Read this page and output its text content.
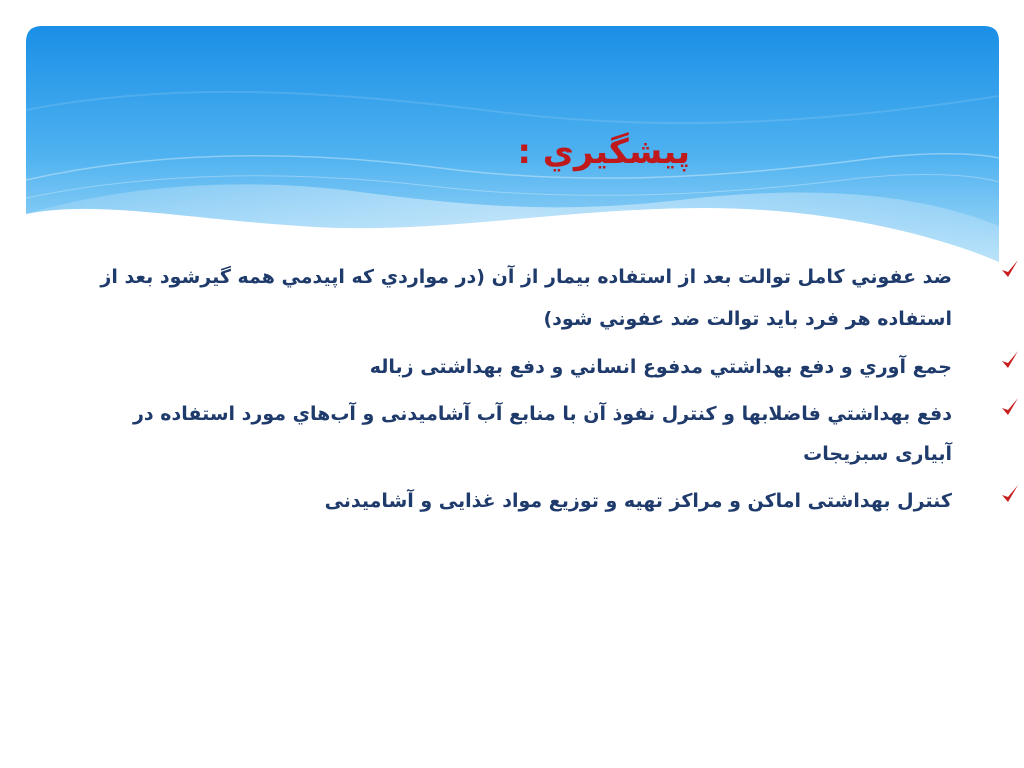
پيشگيري :
ضد عفوني كامل توالت بعد از استفاده بيمار از آن (در مواردي كه اپيدمي همه گيرشود بعد از استفاده هر فرد بايد توالت ضد عفوني شود)
جمع آوري و دفع بهداشتي مدفوع انساني و دفع بهداشتی زباله
دفع بهداشتي فاضلابها و كنترل نفوذ آن با منابع آب آشاميدنی و آب‌هاي مورد استفاده در آبياری سبزيجات
کنترل بهداشتی اماکن و مراکز تهیه و توزیع مواد غذایی و آشامیدنی
